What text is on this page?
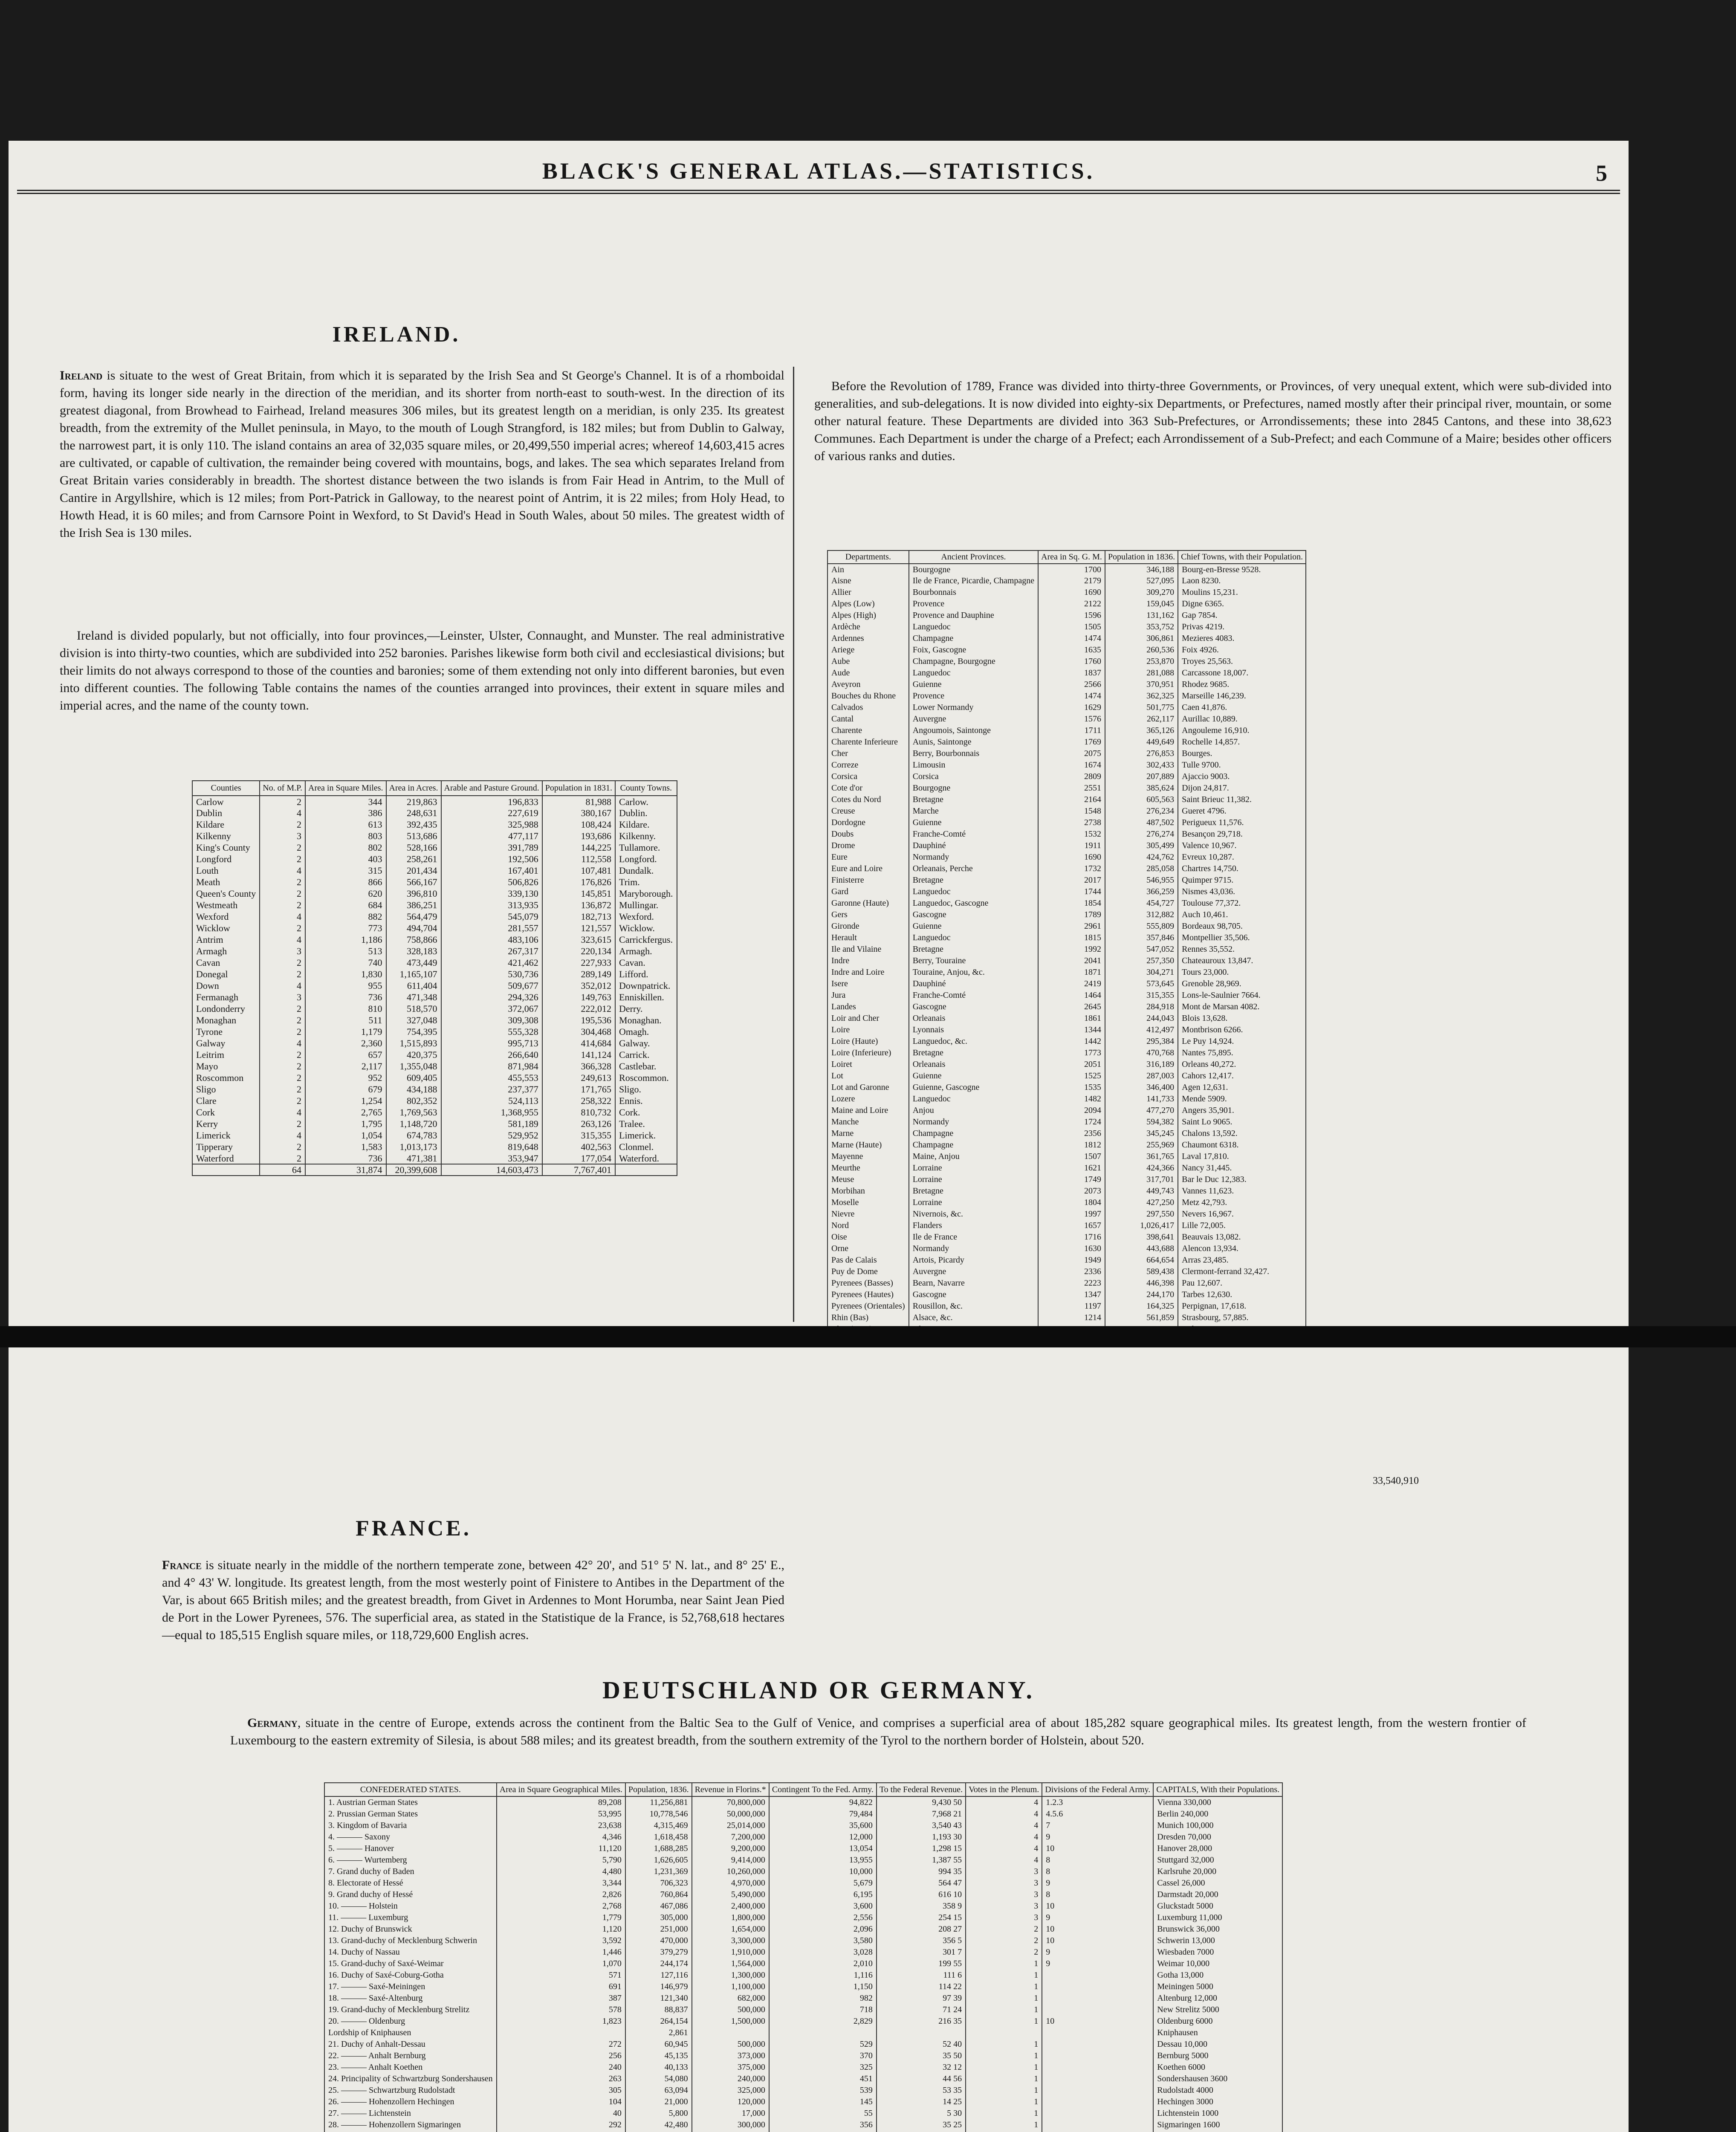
BLACK'S GENERAL ATLAS.—STATISTICS.	5
IRELAND.
Ireland is situate to the west of Great Britain, from which it is separated by the Irish Sea and St George's Channel. It is of a rhomboidal form, having its longer side nearly in the direction of the meridian, and its shorter from north-east to south-west. In the direction of its greatest diagonal, from Browhead to Fairhead, Ireland measures 306 miles, but its greatest length on a meridian, is only 235. Its greatest breadth, from the extremity of the Mullet peninsula, in Mayo, to the mouth of Lough Strangford, is 182 miles; but from Dublin to Galway, the narrowest part, it is only 110. The island contains an area of 32,035 square miles, or 20,499,550 imperial acres; whereof 14,603,415 acres are cultivated, or capable of cultivation, the remainder being covered with mountains, bogs, and lakes. The sea which separates Ireland from Great Britain varies considerably in breadth. The shortest distance between the two islands is from Fair Head in Antrim, to the Mull of Cantire in Argyllshire, which is 12 miles; from Port-Patrick in Galloway, to the nearest point of Antrim, it is 22 miles; from Holy Head, to Howth Head, it is 60 miles; and from Carnsore Point in Wexford, to St David's Head in South Wales, about 50 miles. The greatest width of the Irish Sea is 130 miles.
Ireland is divided popularly, but not officially, into four provinces,—Leinster, Ulster, Connaught, and Munster. The real administrative division is into thirty-two counties, which are subdivided into 252 baronies. Parishes likewise form both civil and ecclesiastical divisions; but their limits do not always correspond to those of the counties and baronies; some of them extending not only into different baronies, but even into different counties. The following Table contains the names of the counties arranged into provinces, their extent in square miles and imperial acres, and the name of the county town.
Counties	No. of M.P.	Area in Square Miles.	Area in Acres.	Arable and Pasture Ground.	Population in 1831.	County Towns.
Carlow	2	344	219,863	196,833	81,988	Carlow.
Dublin	4	386	248,631	227,619	380,167	Dublin.
Kildare	2	613	392,435	325,988	108,424	Kildare.
Kilkenny	3	803	513,686	477,117	193,686	Kilkenny.
King's County	2	802	528,166	391,789	144,225	Tullamore.
Longford	2	403	258,261	192,506	112,558	Longford.
Louth	4	315	201,434	167,401	107,481	Dundalk.
Meath	2	866	566,167	506,826	176,826	Trim.
Queen's County	2	620	396,810	339,130	145,851	Maryborough.
Westmeath	2	684	386,251	313,935	136,872	Mullingar.
Wexford	4	882	564,479	545,079	182,713	Wexford.
Wicklow	2	773	494,704	281,557	121,557	Wicklow.
Antrim	4	1,186	758,866	483,106	323,615	Carrickfergus.
Armagh	3	513	328,183	267,317	220,134	Armagh.
Cavan	2	740	473,449	421,462	227,933	Cavan.
Donegal	2	1,830	1,165,107	530,736	289,149	Lifford.
Down	4	955	611,404	509,677	352,012	Downpatrick.
Fermanagh	3	736	471,348	294,326	149,763	Enniskillen.
Londonderry	2	810	518,570	372,067	222,012	Derry.
Monaghan	2	511	327,048	309,308	195,536	Monaghan.
Tyrone	2	1,179	754,395	555,328	304,468	Omagh.
Galway	4	2,360	1,515,893	995,713	414,684	Galway.
Leitrim	2	657	420,375	266,640	141,124	Carrick.
Mayo	2	2,117	1,355,048	871,984	366,328	Castlebar.
Roscommon	2	952	609,405	455,553	249,613	Roscommon.
Sligo	2	679	434,188	237,377	171,765	Sligo.
Clare	2	1,254	802,352	524,113	258,322	Ennis.
Cork	4	2,765	1,769,563	1,368,955	810,732	Cork.
Kerry	2	1,795	1,148,720	581,189	263,126	Tralee.
Limerick	4	1,054	674,783	529,952	315,355	Limerick.
Tipperary	2	1,583	1,013,173	819,648	402,563	Clonmel.
Waterford	2	736	471,381	353,947	177,054	Waterford.
	64	31,874	20,399,608	14,603,473	7,767,401	
Before the Revolution of 1789, France was divided into thirty-three Governments, or Provinces, of very unequal extent, which were sub-divided into generalities, and sub-delegations. It is now divided into eighty-six Departments, or Prefectures, named mostly after their principal river, mountain, or some other natural feature. These Departments are divided into 363 Sub-Prefectures, or Arrondissements; these into 2845 Cantons, and these into 38,623 Communes. Each Department is under the charge of a Prefect; each Arrondissement of a Sub-Prefect; and each Commune of a Maire; besides other officers of various ranks and duties.
Departments.	Ancient Provinces.	Area in Sq. G. M.	Population in 1836.	Chief Towns, with their Population.
Ain	Bourgogne	1700	346,188	Bourg-en-Bresse 9528.
Aisne	Ile de France, Picardie, Champagne	2179	527,095	Laon 8230.
Allier	Bourbonnais	1690	309,270	Moulins 15,231.
Alpes (Low)	Provence	2122	159,045	Digne 6365.
Alpes (High)	Provence and Dauphine	1596	131,162	Gap 7854.
Ardèche	Languedoc	1505	353,752	Privas 4219.
Ardennes	Champagne	1474	306,861	Mezieres 4083.
Ariege	Foix, Gascogne	1635	260,536	Foix 4926.
Aube	Champagne, Bourgogne	1760	253,870	Troyes 25,563.
Aude	Languedoc	1837	281,088	Carcassone 18,007.
Aveyron	Guienne	2566	370,951	Rhodez 9685.
Bouches du Rhone	Provence	1474	362,325	Marseille 146,239.
Calvados	Lower Normandy	1629	501,775	Caen 41,876.
Cantal	Auvergne	1576	262,117	Aurillac 10,889.
Charente	Angoumois, Saintonge	1711	365,126	Angouleme 16,910.
Charente Inferieure	Aunis, Saintonge	1769	449,649	Rochelle 14,857.
Cher	Berry, Bourbonnais	2075	276,853	Bourges.
Correze	Limousin	1674	302,433	Tulle 9700.
Corsica	Corsica	2809	207,889	Ajaccio 9003.
Cote d'or	Bourgogne	2551	385,624	Dijon 24,817.
Cotes du Nord	Bretagne	2164	605,563	Saint Brieuc 11,382.
Creuse	Marche	1548	276,234	Gueret 4796.
Dordogne	Guienne	2738	487,502	Perigueux 11,576.
Doubs	Franche-Comté	1532	276,274	Besançon 29,718.
Drome	Dauphiné	1911	305,499	Valence 10,967.
Eure	Normandy	1690	424,762	Evreux 10,287.
Eure and Loire	Orleanais, Perche	1732	285,058	Chartres 14,750.
Finisterre	Bretagne	2017	546,955	Quimper 9715.
Gard	Languedoc	1744	366,259	Nismes 43,036.
Garonne (Haute)	Languedoc, Gascogne	1854	454,727	Toulouse 77,372.
Gers	Gascogne	1789	312,882	Auch 10,461.
Gironde	Guienne	2961	555,809	Bordeaux 98,705.
Herault	Languedoc	1815	357,846	Montpellier 35,506.
Ile and Vilaine	Bretagne	1992	547,052	Rennes 35,552.
Indre	Berry, Touraine	2041	257,350	Chateauroux 13,847.
Indre and Loire	Touraine, Anjou, &c.	1871	304,271	Tours 23,000.
Isere	Dauphiné	2419	573,645	Grenoble 28,969.
Jura	Franche-Comté	1464	315,355	Lons-le-Saulnier 7664.
Landes	Gascogne	2645	284,918	Mont de Marsan 4082.
Loir and Cher	Orleanais	1861	244,043	Blois 13,628.
Loire	Lyonnais	1344	412,497	Montbrison 6266.
Loire (Haute)	Languedoc, &c.	1442	295,384	Le Puy 14,924.
Loire (Inferieure)	Bretagne	1773	470,768	Nantes 75,895.
Loiret	Orleanais	2051	316,189	Orleans 40,272.
Lot	Guienne	1525	287,003	Cahors 12,417.
Lot and Garonne	Guienne, Gascogne	1535	346,400	Agen 12,631.
Lozere	Languedoc	1482	141,733	Mende 5909.
Maine and Loire	Anjou	2094	477,270	Angers 35,901.
Manche	Normandy	1724	594,382	Saint Lo 9065.
Marne	Champagne	2356	345,245	Chalons 13,592.
Marne (Haute)	Champagne	1812	255,969	Chaumont 6318.
Mayenne	Maine, Anjou	1507	361,765	Laval 17,810.
Meurthe	Lorraine	1621	424,366	Nancy 31,445.
Meuse	Lorraine	1749	317,701	Bar le Duc 12,383.
Morbihan	Bretagne	2073	449,743	Vannes 11,623.
Moselle	Lorraine	1804	427,250	Metz 42,793.
Nievre	Nivernois, &c.	1997	297,550	Nevers 16,967.
Nord	Flanders	1657	1,026,417	Lille 72,005.
Oise	Ile de France	1716	398,641	Beauvais 13,082.
Orne	Normandy	1630	443,688	Alencon 13,934.
Pas de Calais	Artois, Picardy	1949	664,654	Arras 23,485.
Puy de Dome	Auvergne	2336	589,438	Clermont-ferrand 32,427.
Pyrenees (Basses)	Bearn, Navarre	2223	446,398	Pau 12,607.
Pyrenees (Hautes)	Gascogne	1347	244,170	Tarbes 12,630.
Pyrenees (Orientales)	Rousillon, &c.	1197	164,325	Perpignan, 17,618.
Rhin (Bas)	Alsace, &c.	1214	561,859	Strasbourg, 57,885.

FRANCE.
France is situate nearly in the middle of the northern temperate zone, between 42° 20', and 51° 5' N. lat., and 8° 25' E., and 4° 43' W. longitude. Its greatest length, from the most westerly point of Finistere to Antibes in the Department of the Var, is about 665 British miles; and the greatest breadth, from Givet in Ardennes to Mont Horumba, near Saint Jean Pied de Port in the Lower Pyrenees, 576. The superficial area, as stated in the Statistique de la France, is 52,768,618 hectares—equal to 185,515 English square miles, or 118,729,600 English acres.
DEUTSCHLAND OR GERMANY.
Germany, situate in the centre of Europe, extends across the continent from the Baltic Sea to the Gulf of Venice, and comprises a superficial area of about 185,282 square geographical miles. Its greatest length, from the western frontier of Luxembourg to the eastern extremity of Silesia, is about 588 miles; and its greatest breadth, from the southern extremity of the Tyrol to the northern border of Holstein, about 520.
CONFEDERATED STATES.	Area in Square Geographical Miles.	Population, 1836.	Revenue in Florins.*	Contingent To the Fed. Army.	To the Federal Revenue.	Votes in the Plenum.	Divisions of the Federal Army.	CAPITALS, With their Populations.
1. Austrian German States	89,208	11,256,881	70,800,000	94,822	9,430 50	4	1.2.3	Vienna 330,000
2. Prussian German States	53,995	10,778,546	50,000,000	79,484	7,968 21	4	4.5.6	Berlin 240,000
3. Kingdom of Bavaria	23,638	4,315,469	25,014,000	35,600	3,540 43	4	7	Munich 100,000
4. ——— Saxony	4,346	1,618,458	7,200,000	12,000	1,193 30	4	9	Dresden 70,000
5. ——— Hanover	11,120	1,688,285	9,200,000	13,054	1,298 15	4	10	Hanover 28,000
6. ——— Wurtemberg	5,790	1,626,605	9,414,000	13,955	1,387 55	4	8	Stuttgard 32,000
7. Grand duchy of Baden	4,480	1,231,369	10,260,000	10,000	994 35	3	8	Karlsruhe 20,000
8. Electorate of Hessé	3,344	706,323	4,970,000	5,679	564 47	3	9	Cassel 26,000
9. Grand duchy of Hessé	2,826	760,864	5,490,000	6,195	616 10	3	8	Darmstadt 20,000
10. ——— Holstein	2,768	467,086	2,400,000	3,600	358 9	3	10	Gluckstadt 5000
11. ——— Luxemburg	1,779	305,000	1,800,000	2,556	254 15	3	9	Luxemburg 11,000
12. Duchy of Brunswick	1,120	251,000	1,654,000	2,096	208 27	2	10	Brunswick 36,000
13. Grand-duchy of Mecklenburg Schwerin	3,592	470,000	3,300,000	3,580	356 5	2	10	Schwerin 13,000
14. Duchy of Nassau	1,446	379,279	1,910,000	3,028	301 7	2	9	Wiesbaden 7000
15. Grand-duchy of Saxé-Weimar	1,070	244,174	1,564,000	2,010	199 55	1	9	Weimar 10,000
16. Duchy of Saxé-Coburg-Gotha	571	127,116	1,300,000	1,116	111 6	1		Gotha 13,000
17. ——— Saxé-Meiningen	691	146,979	1,100,000	1,150	114 22	1		Meiningen 5000
18. ——— Saxé-Altenburg	387	121,340	682,000	982	97 39	1		Altenburg 12,000
19. Grand-duchy of Mecklenburg Strelitz	578	88,837	500,000	718	71 24	1		New Strelitz 5000
20. ——— Oldenburg	1,823	264,154	1,500,000	2,829	216 35	1	10	Oldenburg 6000
Lordship of Kniphausen		2,861						Kniphausen
21. Duchy of Anhalt-Dessau	272	60,945	500,000	529	52 40	1		Dessau 10,000
22. ——— Anhalt Bernburg	256	45,135	373,000	370	35 50	1		Bernburg 5000
23. ——— Anhalt Koethen	240	40,133	375,000	325	32 12	1		Koethen 6000
24. Principality of Schwartzburg Sondershausen	263	54,080	240,000	451	44 56	1		Sondershausen 3600
25. ——— Schwartzburg Rudolstadt	305	63,094	325,000	539	53 35	1		Rudolstadt 4000
26. ——— Hohenzollern Hechingen	104	21,000	120,000	145	14 25	1		Hechingen 3000
27. ——— Lichtenstein	40	5,800	17,000	55	5 30	1		Lichtenstein 1000
28. ——— Hohenzollern Sigmaringen	292	42,480	300,000	356	35 25	1		Sigmaringen 1600

33,540,910
